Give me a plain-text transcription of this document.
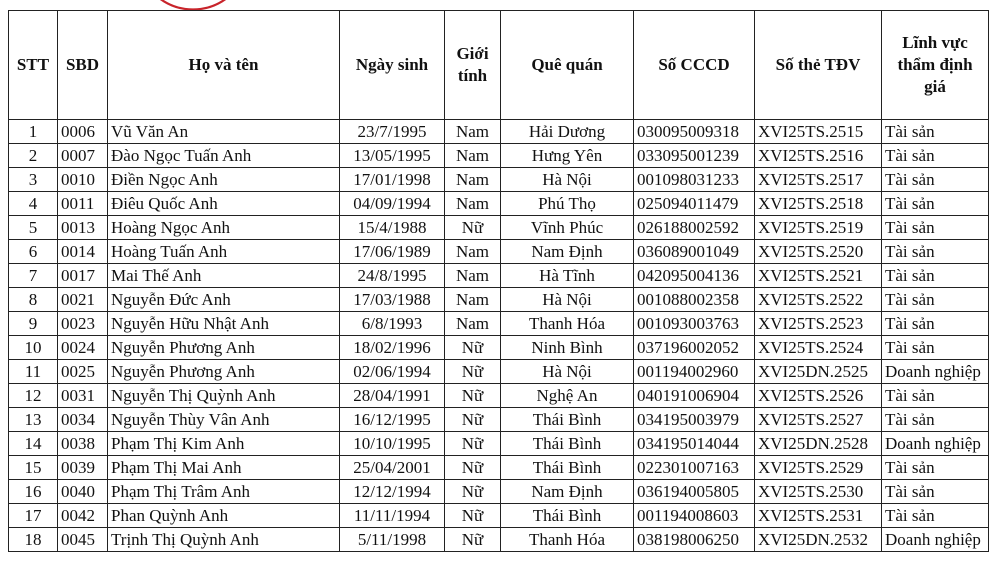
STT	SBD	Họ và tên	Ngày sinh	Giới tính	Quê quán	Số CCCD	Số thẻ TĐV	Lĩnh vực thẩm định giá
1	0006	Vũ Văn An	23/7/1995	Nam	Hải Dương	030095009318	XVI25TS.2515	Tài sản
2	0007	Đào Ngọc Tuấn Anh	13/05/1995	Nam	Hưng Yên	033095001239	XVI25TS.2516	Tài sản
3	0010	Điền Ngọc Anh	17/01/1998	Nam	Hà Nội	001098031233	XVI25TS.2517	Tài sản
4	0011	Điêu Quốc Anh	04/09/1994	Nam	Phú Thọ	025094011479	XVI25TS.2518	Tài sản
5	0013	Hoàng Ngọc Anh	15/4/1988	Nữ	Vĩnh Phúc	026188002592	XVI25TS.2519	Tài sản
6	0014	Hoàng Tuấn Anh	17/06/1989	Nam	Nam Định	036089001049	XVI25TS.2520	Tài sản
7	0017	Mai Thế Anh	24/8/1995	Nam	Hà Tĩnh	042095004136	XVI25TS.2521	Tài sản
8	0021	Nguyễn Đức Anh	17/03/1988	Nam	Hà Nội	001088002358	XVI25TS.2522	Tài sản
9	0023	Nguyễn Hữu Nhật Anh	6/8/1993	Nam	Thanh Hóa	001093003763	XVI25TS.2523	Tài sản
10	0024	Nguyễn Phương Anh	18/02/1996	Nữ	Ninh Bình	037196002052	XVI25TS.2524	Tài sản
11	0025	Nguyễn Phương Anh	02/06/1994	Nữ	Hà Nội	001194002960	XVI25DN.2525	Doanh nghiệp
12	0031	Nguyễn Thị Quỳnh Anh	28/04/1991	Nữ	Nghệ An	040191006904	XVI25TS.2526	Tài sản
13	0034	Nguyễn Thùy Vân Anh	16/12/1995	Nữ	Thái Bình	034195003979	XVI25TS.2527	Tài sản
14	0038	Phạm Thị Kim Anh	10/10/1995	Nữ	Thái Bình	034195014044	XVI25DN.2528	Doanh nghiệp
15	0039	Phạm Thị Mai Anh	25/04/2001	Nữ	Thái Bình	022301007163	XVI25TS.2529	Tài sản
16	0040	Phạm Thị Trâm Anh	12/12/1994	Nữ	Nam Định	036194005805	XVI25TS.2530	Tài sản
17	0042	Phan Quỳnh Anh	11/11/1994	Nữ	Thái Bình	001194008603	XVI25TS.2531	Tài sản
18	0045	Trịnh Thị Quỳnh Anh	5/11/1998	Nữ	Thanh Hóa	038198006250	XVI25DN.2532	Doanh nghiệp
